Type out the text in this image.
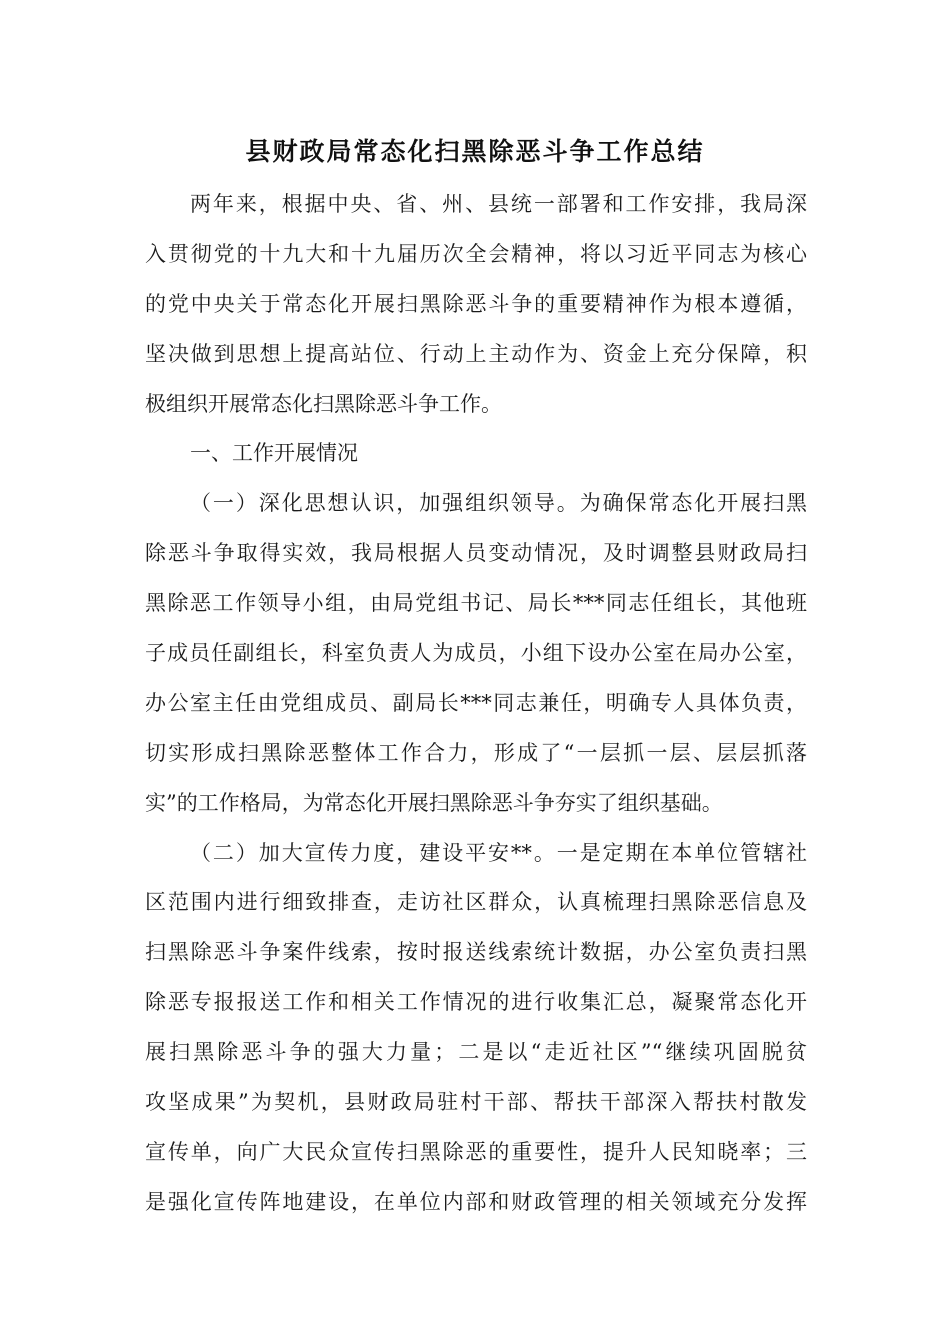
县财政局常态化扫黑除恶斗争工作总结
两年来，根据中央、省、州、县统一部署和工作安排，我局深
入贯彻党的十九大和十九届历次全会精神，将以习近平同志为核心
的党中央关于常态化开展扫黑除恶斗争的重要精神作为根本遵循，
坚决做到思想上提高站位、行动上主动作为、资金上充分保障，积
极组织开展常态化扫黑除恶斗争工作。
一、工作开展情况
（一）深化思想认识，加强组织领导。为确保常态化开展扫黑
除恶斗争取得实效，我局根据人员变动情况，及时调整县财政局扫
黑除恶工作领导小组，由局党组书记、局长***同志任组长，其他班
子成员任副组长，科室负责人为成员，小组下设办公室在局办公室，
办公室主任由党组成员、副局长***同志兼任，明确专人具体负责，
切实形成扫黑除恶整体工作合力，形成了“一层抓一层、层层抓落
实”的工作格局，为常态化开展扫黑除恶斗争夯实了组织基础。
（二）加大宣传力度，建设平安**。一是定期在本单位管辖社
区范围内进行细致排查，走访社区群众，认真梳理扫黑除恶信息及
扫黑除恶斗争案件线索，按时报送线索统计数据，办公室负责扫黑
除恶专报报送工作和相关工作情况的进行收集汇总，凝聚常态化开
展扫黑除恶斗争的强大力量；二是以“走近社区”“继续巩固脱贫
攻坚成果”为契机，县财政局驻村干部、帮扶干部深入帮扶村散发
宣传单，向广大民众宣传扫黑除恶的重要性，提升人民知晓率；三
是强化宣传阵地建设，在单位内部和财政管理的相关领域充分发挥
